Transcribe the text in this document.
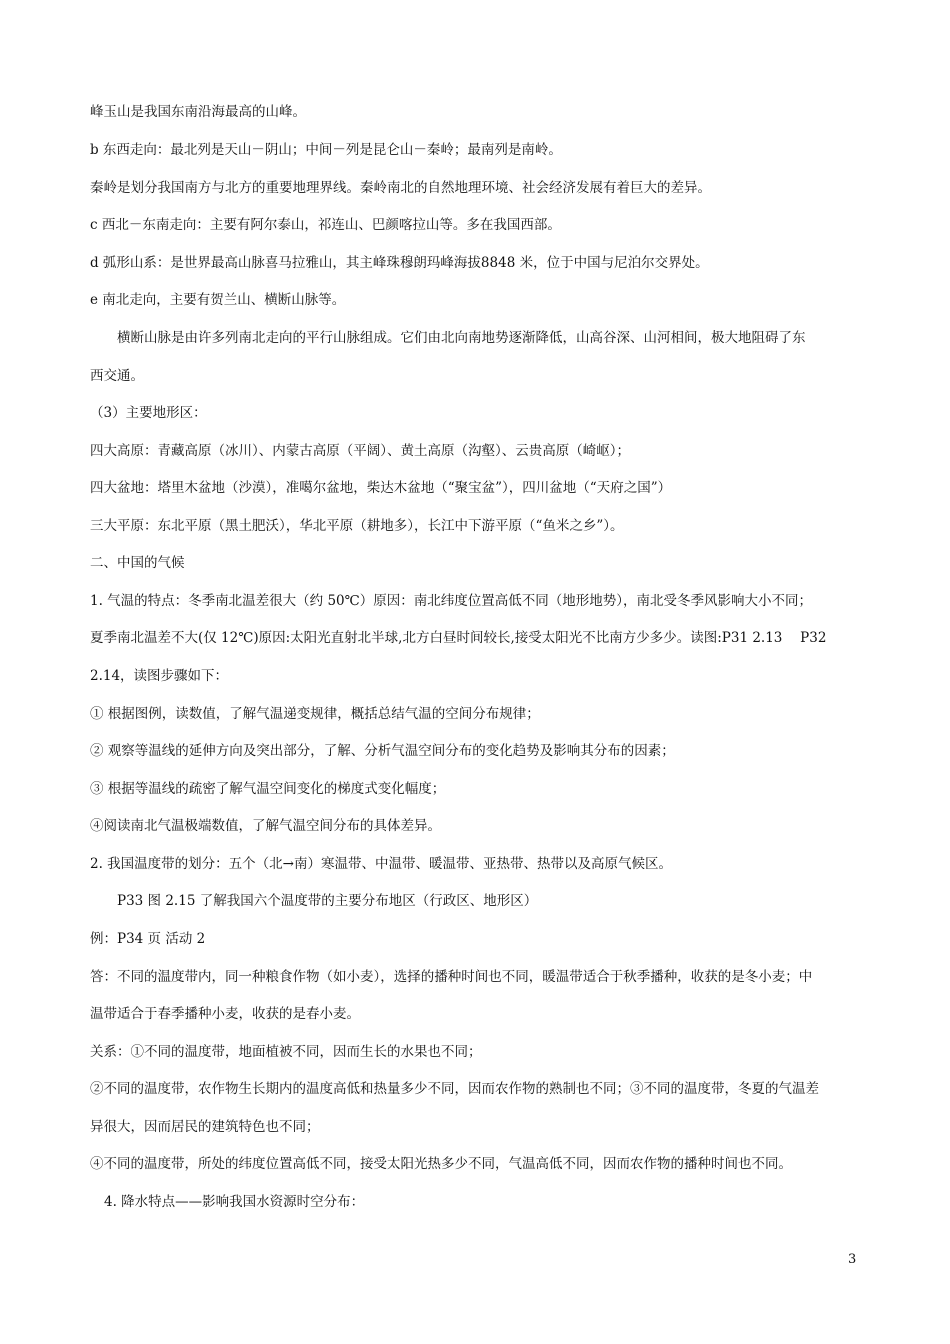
峰玉山是我国东南沿海最高的山峰。
b 东西走向：最北列是天山－阴山；中间－列是昆仑山－秦岭；最南列是南岭。
秦岭是划分我国南方与北方的重要地理界线。秦岭南北的自然地理环境、社会经济发展有着巨大的差异。
c 西北－东南走向：主要有阿尔泰山，祁连山、巴颜喀拉山等。多在我国西部。
d 弧形山系：是世界最高山脉喜马拉雅山，其主峰珠穆朗玛峰海拔8848 米，位于中国与尼泊尔交界处。
e 南北走向，主要有贺兰山、横断山脉等。
横断山脉是由许多列南北走向的平行山脉组成。它们由北向南地势逐渐降低，山高谷深、山河相间，极大地阻碍了东
西交通。
（3）主要地形区：
四大高原：青藏高原（冰川）、内蒙古高原（平阔）、黄土高原（沟壑）、云贵高原（崎岖）；
四大盆地：塔里木盆地（沙漠），准噶尔盆地，柴达木盆地（“聚宝盆”），四川盆地（“天府之国”）
三大平原：东北平原（黑土肥沃），华北平原（耕地多），长江中下游平原（“鱼米之乡”）。
二、中国的气候
1. 气温的特点：冬季南北温差很大（约 50℃）原因：南北纬度位置高低不同（地形地势），南北受冬季风影响大小不同；
夏季南北温差不大(仅 12℃)原因:太阳光直射北半球,北方白昼时间较长,接受太阳光不比南方少多少。读图:P31 2.13　 P32
2.14，读图步骤如下：
① 根据图例，读数值，了解气温递变规律，概括总结气温的空间分布规律；
② 观察等温线的延伸方向及突出部分，了解、分析气温空间分布的变化趋势及影响其分布的因素；
③ 根据等温线的疏密了解气温空间变化的梯度式变化幅度；
④阅读南北气温极端数值，了解气温空间分布的具体差异。
2. 我国温度带的划分：五个（北→南）寒温带、中温带、暖温带、亚热带、热带以及高原气候区。
P33 图 2.15 了解我国六个温度带的主要分布地区（行政区、地形区）
例：P34 页 活动 2
答：不同的温度带内，同一种粮食作物（如小麦），选择的播种时间也不同，暖温带适合于秋季播种，收获的是冬小麦；中
温带适合于春季播种小麦，收获的是春小麦。
关系：①不同的温度带，地面植被不同，因而生长的水果也不同；
②不同的温度带，农作物生长期内的温度高低和热量多少不同，因而农作物的熟制也不同；③不同的温度带，冬夏的气温差
异很大，因而居民的建筑特色也不同；
④不同的温度带，所处的纬度位置高低不同，接受太阳光热多少不同，气温高低不同，因而农作物的播种时间也不同。
4. 降水特点——影响我国水资源时空分布：
3
